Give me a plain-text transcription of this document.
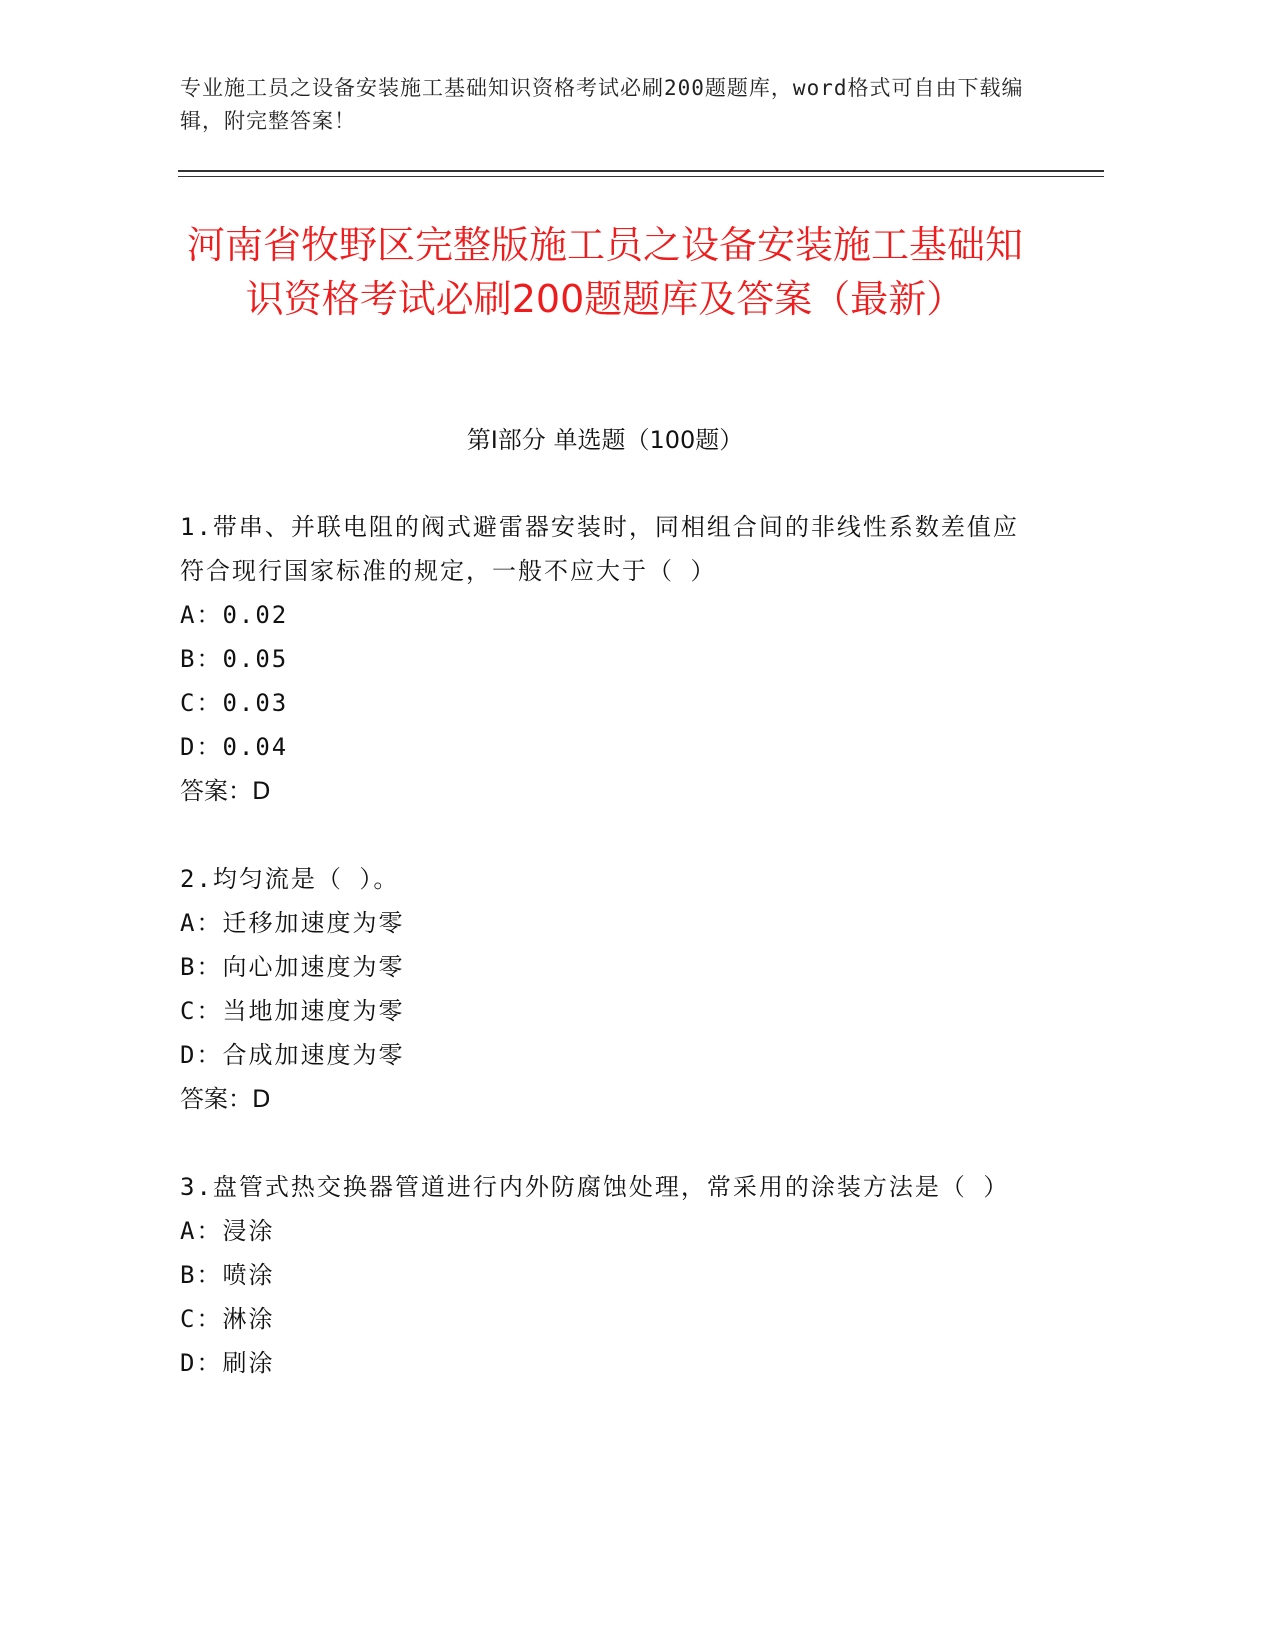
专业施工员之设备安装施工基础知识资格考试必刷200题题库，word格式可自由下载编辑，附完整答案！
河南省牧野区完整版施工员之设备安装施工基础知识资格考试必刷200题题库及答案（最新）
第Ⅰ部分 单选题（100题）
1.带串、并联电阻的阀式避雷器安装时，同相组合间的非线性系数差值应符合现行国家标准的规定，一般不应大于（ ）
A：0.02
B：0.05
C：0.03
D：0.04
答案：D
2.均匀流是（ ）。
A：迁移加速度为零
B：向心加速度为零
C：当地加速度为零
D：合成加速度为零
答案：D
3.盘管式热交换器管道进行内外防腐蚀处理，常采用的涂装方法是（ ）
A：浸涂
B：喷涂
C：淋涂
D：刷涂
